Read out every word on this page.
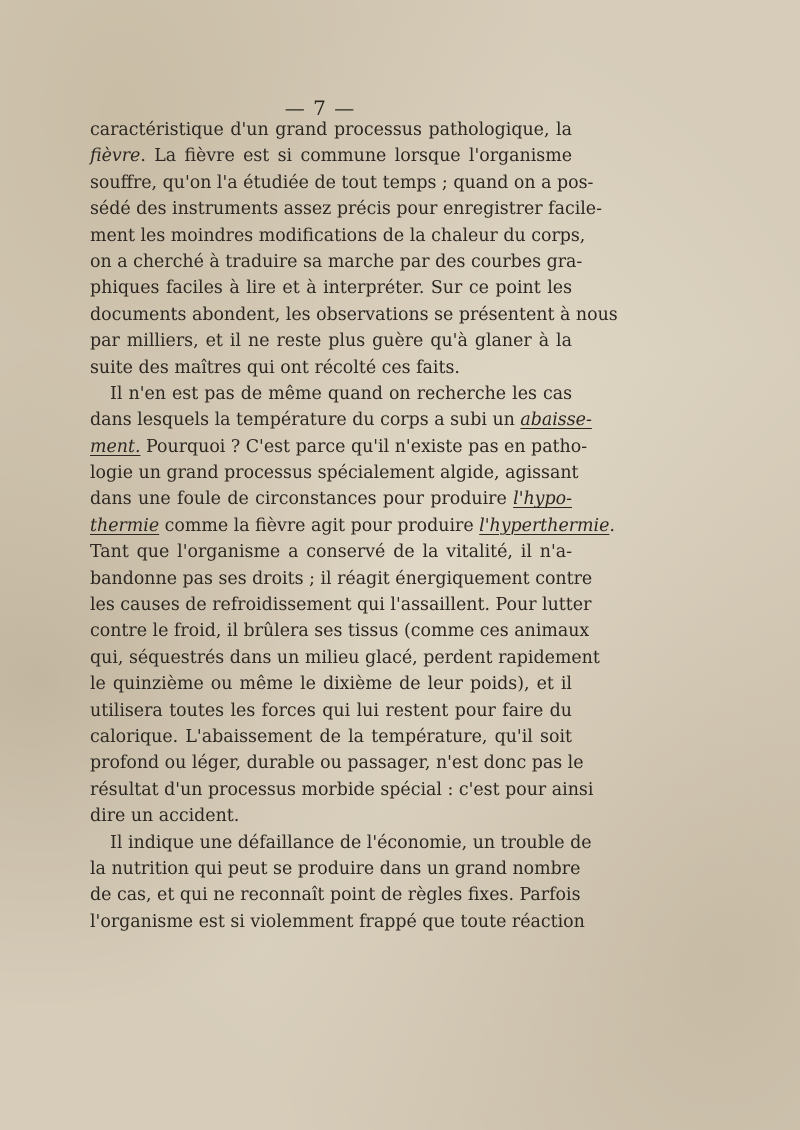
— 7 —
caractéristique d'un grand processus pathologique, la
fièvre. La fièvre est si commune lorsque l'organisme
souffre, qu'on l'a étudiée de tout temps ; quand on a pos-
sédé des instruments assez précis pour enregistrer facile-
ment les moindres modifications de la chaleur du corps,
on a cherché à traduire sa marche par des courbes gra-
phiques faciles à lire et à interpréter. Sur ce point les
documents abondent, les observations se présentent à nous
par milliers, et il ne reste plus guère qu'à glaner à la
suite des maîtres qui ont récolté ces faits.
Il n'en est pas de même quand on recherche les cas
dans lesquels la température du corps a subi un abaisse-
ment. Pourquoi ? C'est parce qu'il n'existe pas en patho-
logie un grand processus spécialement algide, agissant
dans une foule de circonstances pour produire l'hypo-
thermie comme la fièvre agit pour produire l'hyperthermie.
Tant que l'organisme a conservé de la vitalité, il n'a-
bandonne pas ses droits ; il réagit énergiquement contre
les causes de refroidissement qui l'assaillent. Pour lutter
contre le froid, il brûlera ses tissus (comme ces animaux
qui, séquestrés dans un milieu glacé, perdent rapidement
le quinzième ou même le dixième de leur poids), et il
utilisera toutes les forces qui lui restent pour faire du
calorique. L'abaissement de la température, qu'il soit
profond ou léger, durable ou passager, n'est donc pas le
résultat d'un processus morbide spécial : c'est pour ainsi
dire un accident.
Il indique une défaillance de l'économie, un trouble de
la nutrition qui peut se produire dans un grand nombre
de cas, et qui ne reconnaît point de règles fixes. Parfois
l'organisme est si violemment frappé que toute réaction
